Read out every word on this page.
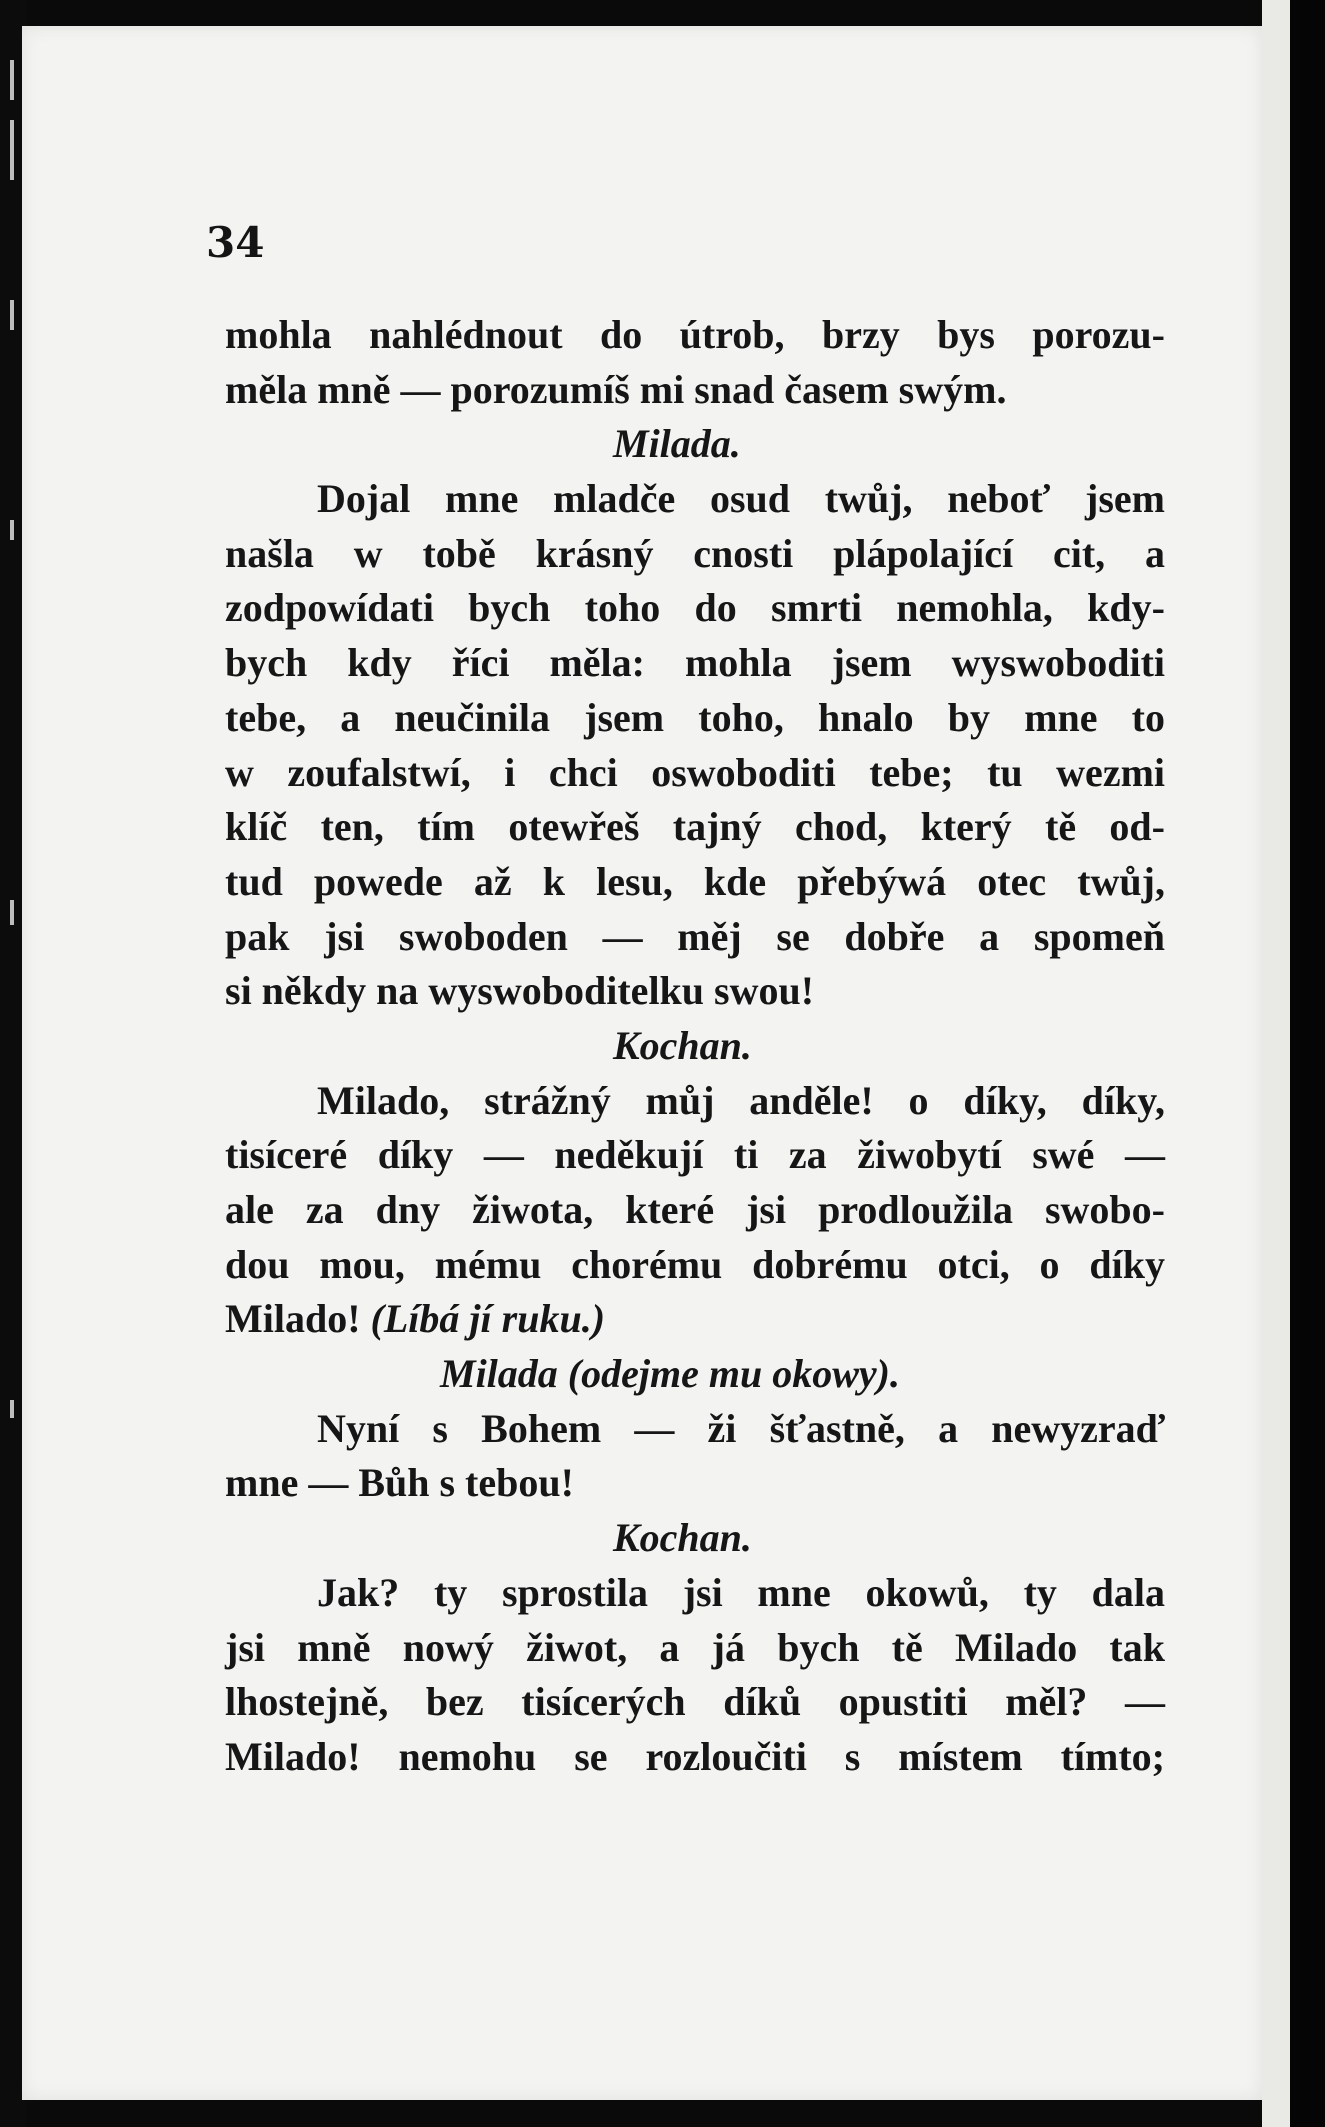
34
mohla nahlédnout do útrob, brzy bys porozu-
měla mně — porozumíš mi snad časem swým.
Milada.
Dojal mne mladče osud twůj, neboť jsem
našla w tobě krásný cnosti plápolající cit, a
zodpowídati bych toho do smrti nemohla, kdy-
bych kdy říci měla: mohla jsem wyswoboditi
tebe, a neučinila jsem toho, hnalo by mne to
w zoufalstwí, i chci oswoboditi tebe; tu wezmi
klíč ten, tím otewřeš tajný chod, který tě od-
tud powede až k lesu, kde přebýwá otec twůj,
pak jsi swoboden — měj se dobře a spomeň
si někdy na wyswoboditelku swou!
Kochan.
Milado, strážný můj anděle! o díky, díky,
tisíceré díky — neděkují ti za žiwobytí swé —
ale za dny žiwota, které jsi prodloužila swobo-
dou mou, mému chorému dobrému otci, o díky
Milado! (Líbá jí ruku.)
Milada (odejme mu okowy).
Nyní s Bohem — ži šťastně, a newyzraď
mne — Bůh s tebou!
Kochan.
Jak? ty sprostila jsi mne okowů, ty dala
jsi mně nowý žiwot, a já bych tě Milado tak
lhostejně, bez tisícerých díků opustiti měl? —
Milado! nemohu se rozloučiti s místem tímto;
